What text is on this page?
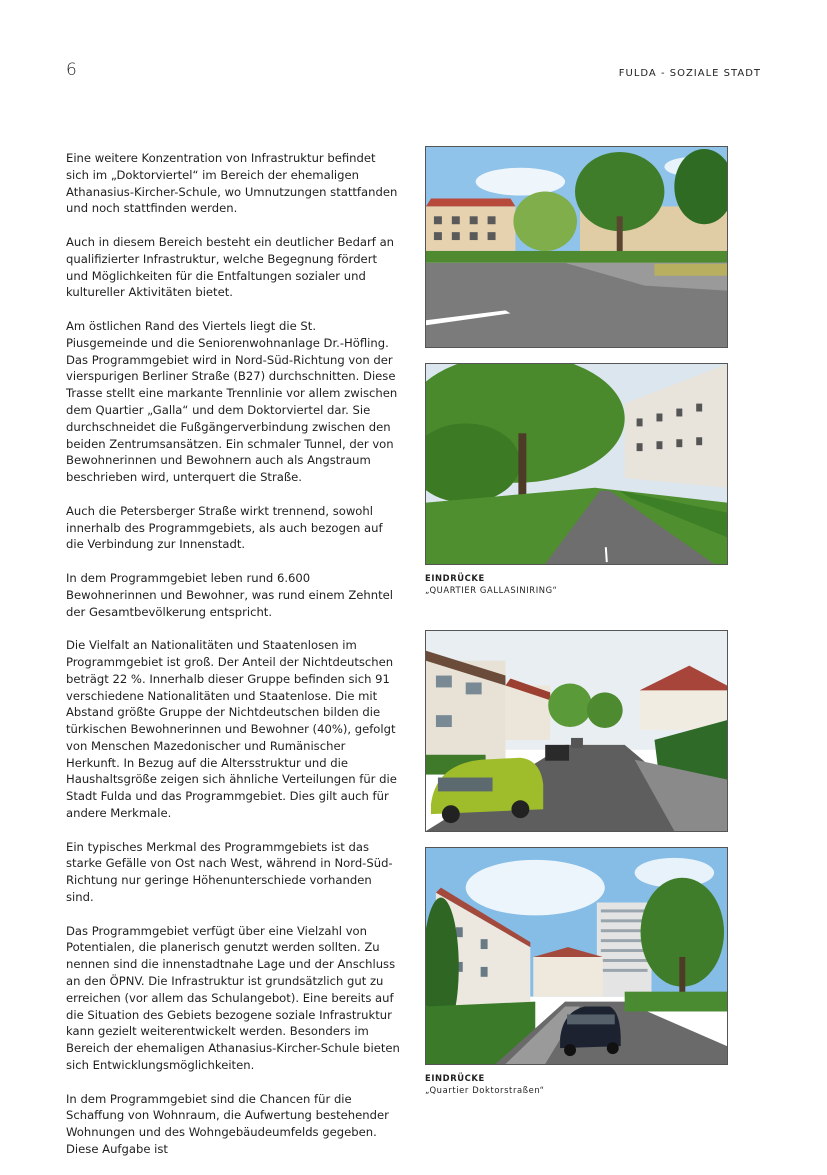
6	FULDA - SOZIALE STADT

Eine weitere Konzentration von Infrastruktur befindet sich im „Doktorviertel“ im Bereich der ehemaligen Athanasius-Kircher-Schule, wo Umnutzungen stattfanden und noch stattfinden werden.

Auch in diesem Bereich besteht ein deutlicher Bedarf an qualifizierter Infrastruktur, welche Begegnung fördert und Möglichkeiten für die Entfaltungen sozialer und kultureller Aktivitäten bietet.

Am östlichen Rand des Viertels liegt die St. Piusgemeinde und die Seniorenwohnanlage Dr.-Höfling. Das Programmgebiet wird in Nord-Süd-Richtung von der vierspurigen Berliner Straße (B27) durchschnitten. Diese Trasse stellt eine markante Trennlinie vor allem zwischen dem Quartier „Galla“ und dem Doktorviertel dar. Sie durchschneidet die Fußgängerverbindung zwischen den beiden Zentrumsansätzen. Ein schmaler Tunnel, der von Bewohnerinnen und Bewohnern auch als Angstraum beschrieben wird, unterquert die Straße.

Auch die Petersberger Straße wirkt trennend, sowohl innerhalb des Programmgebiets, als auch bezogen auf die Verbindung zur Innenstadt.

In dem Programmgebiet leben rund 6.600 Bewohnerinnen und Bewohner, was rund einem Zehntel der Gesamtbevölkerung entspricht.

Die Vielfalt an Nationalitäten und Staatenlosen im Programmgebiet ist groß. Der Anteil der Nichtdeutschen beträgt 22 %. Innerhalb dieser Gruppe befinden sich 91 verschiedene Nationalitäten und Staatenlose. Die mit Abstand größte Gruppe der Nichtdeutschen bilden die türkischen Bewohnerinnen und Bewohner (40%), gefolgt von Menschen Mazedonischer und Rumänischer Herkunft. In Bezug auf die Altersstruktur und die Haushaltsgröße zeigen sich ähnliche Verteilungen für die Stadt Fulda und das Programmgebiet. Dies gilt auch für andere Merkmale.

Ein typisches Merkmal des Programmgebiets ist das starke Gefälle von Ost nach West, während in Nord-Süd-Richtung nur geringe Höhenunterschiede vorhanden sind.

Das Programmgebiet verfügt über eine Vielzahl von Potentialen, die planerisch genutzt werden sollten. Zu nennen sind die innenstadtnahe Lage und der Anschluss an den ÖPNV. Die Infrastruktur ist grundsätzlich gut zu erreichen (vor allem das Schulangebot). Eine bereits auf die Situation des Gebiets bezogene soziale Infrastruktur kann gezielt weiterentwickelt werden. Besonders im Bereich der ehemaligen Athanasius-Kircher-Schule bieten sich Entwicklungsmöglichkeiten.

In dem Programmgebiet sind die Chancen für die Schaffung von Wohnraum, die Aufwertung bestehender Wohnungen und des Wohngebäudeumfelds gegeben. Diese Aufgabe ist

EINDRÜCKE
„QUARTIER GALLASINIRING“
EINDRÜCKE
„Quartier Doktorstraßen“
